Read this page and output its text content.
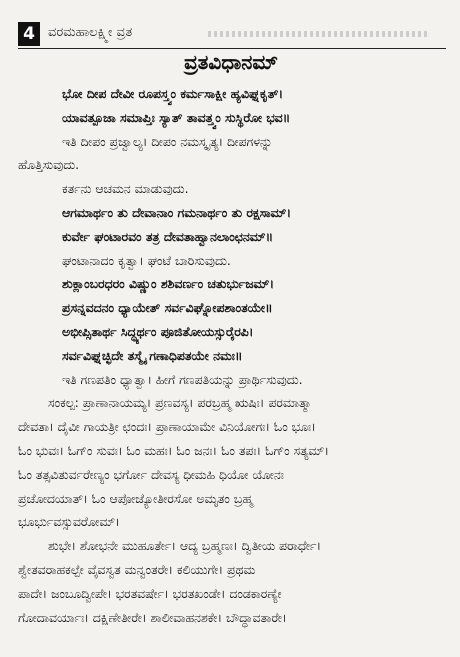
4	ವರಮಹಾಲಕ್ಷ್ಮೀ ವ್ರತ
ವ್ರತವಿಧಾನಮ್
ಭೋ ದೀಪ ದೇವೀ ರೂಪಸ್ತ್ವಂ ಕರ್ಮಸಾಕ್ಷೀ ಹ್ಯವಿಘ್ನಕೃತ್।
ಯಾವತ್ಪೂಜಾ ಸಮಾಪ್ತಿಃ ಸ್ಯಾತ್ ತಾವತ್ತ್ವಂ ಸುಸ್ಥಿರೋ ಭವ॥
ಇತಿ ದೀಪಂ ಪ್ರಜ್ವಾಲ್ಯ। ದೀಪಂ ನಮಸ್ಕೃತ್ಯ। ದೀಪಗಳನ್ನು
ಹೊತ್ತಿಸುವುದು.
ಕರ್ತನು ಆಚಮನ ಮಾಡುವುದು.
ಆಗಮಾರ್ಥಂ ತು ದೇವಾನಾಂ ಗಮನಾರ್ಥಂ ತು ರಕ್ಷಸಾಮ್।
ಕುರ್ವೇ ಘಂಟಾರವಂ ತತ್ರ ದೇವತಾಹ್ವಾನಲಾಂಛನಮ್॥
ಘಂಟಾನಾದಂ ಕೃತ್ವಾ। ಘಂಟೆ ಬಾರಿಸುವುದು.
ಶುಕ್ಲಾಂಬರಧರಂ ವಿಷ್ಣುಂ ಶಶಿವರ್ಣಂ ಚತುರ್ಭುಜಮ್।
ಪ್ರಸನ್ನವದನಂ ಧ್ಯಾಯೇತ್ ಸರ್ವವಿಘ್ನೋಪಶಾಂತಯೇ॥
ಅಭೀಪ್ಸಿತಾರ್ಥ ಸಿದ್ಧ್ಯರ್ಥಂ ಪೂಜಿತೋಯಸ್ಸುರೈರಪಿ।
ಸರ್ವವಿಘ್ನಚ್ಛಿದೇ ತಸ್ಮೈ ಗಣಾಧಿಪತಯೇ ನಮಃ॥
ಇತಿ ಗಣಪತಿಂ ಧ್ಯಾತ್ವಾ। ಹೀಗೆ ಗಣಪತಿಯನ್ನು ಪ್ರಾರ್ಥಿಸುವುದು.
ಸಂಕಲ್ಪ: ಪ್ರಾಣಾನಾಯಮ್ಯ। ಪ್ರಣವಸ್ಯ। ಪರಬ್ರಹ್ಮ ಋಷಿಃ। ಪರಮಾತ್ಮಾ
ದೇವತಾ। ದೈವೀ ಗಾಯತ್ರೀ ಛಂದಃ। ಪ್ರಾಣಾಯಾಮೇ ವಿನಿಯೋಗಃ। ಓಂ ಭೂಃ।
ಓಂ ಭುವಃ। ಓಗ್ಂ ಸುವಃ। ಓಂ ಮಹಃ। ಓಂ ಜನಃ। ಓಂ ತಪಃ। ಓಗ್ಂ ಸತ್ಯಮ್।
ಓಂ ತತ್ಸವಿತುರ್ವರೇಣ್ಯಂ ಭರ್ಗೋ ದೇವಸ್ಯ ಧೀಮಹಿ ಧಿಯೋ ಯೋನಃ
ಪ್ರಚೋದಯಾತ್। ಓಂ ಆಪೋಜ್ಯೋತೀರಸೋ ಅಮೃತಂ ಬ್ರಹ್ಮ
ಭೂರ್ಭುವಸ್ಸುವರೋಮ್।
ಶುಭೇ। ಶೋಭನೇ ಮುಹೂರ್ತೇ। ಆದ್ಯ ಬ್ರಹ್ಮಣಃ। ದ್ವಿತೀಯ ಪರಾರ್ಧೇ।
ಶ್ವೇತವರಾಹಕಲ್ಪೇ ವೈವಸ್ವತ ಮನ್ವಂತರೇ। ಕಲಿಯುಗೇ। ಪ್ರಥಮ
ಪಾದೇ। ಜಂಬೂದ್ವೀಪೇ। ಭರತವರ್ಷೇ। ಭರತಖಂಡೇ। ದಂಡಕಾರಣ್ಯೇ
ಗೋದಾವರ್ಯಾಃ। ದಕ್ಷಿಣೇತೀರೇ। ಶಾಲೀವಾಹನಶಕೇ। ಬೌದ್ಧಾವತಾರೇ।
